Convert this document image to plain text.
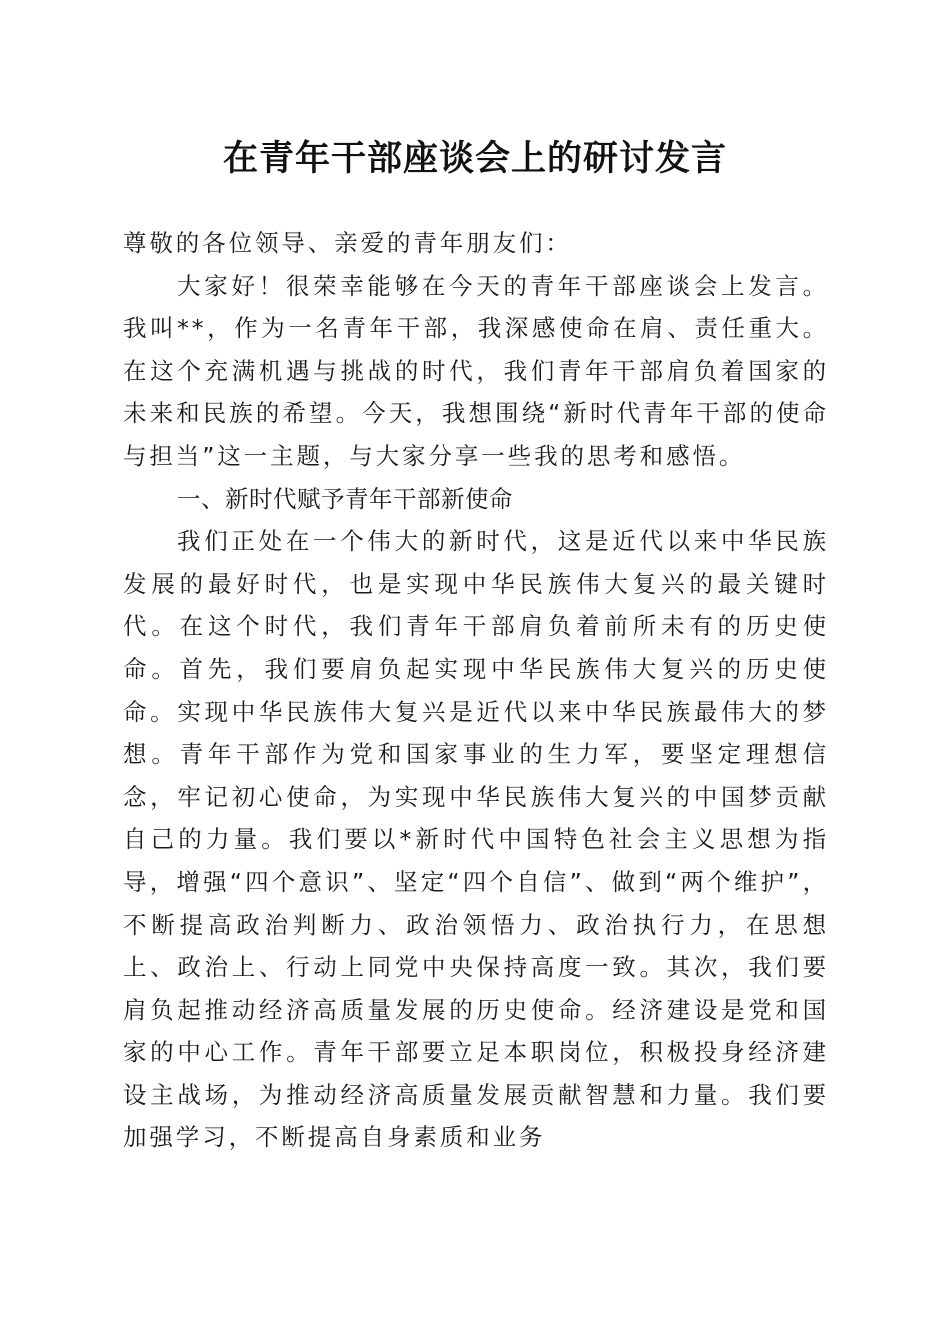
在青年干部座谈会上的研讨发言

尊敬的各位领导、亲爱的青年朋友们：

大家好！很荣幸能够在今天的青年干部座谈会上发言。我叫**，作为一名青年干部，我深感使命在肩、责任重大。在这个充满机遇与挑战的时代，我们青年干部肩负着国家的未来和民族的希望。今天，我想围绕“新时代青年干部的使命与担当”这一主题，与大家分享一些我的思考和感悟。

一、新时代赋予青年干部新使命

我们正处在一个伟大的新时代，这是近代以来中华民族发展的最好时代，也是实现中华民族伟大复兴的最关键时代。在这个时代，我们青年干部肩负着前所未有的历史使命。首先，我们要肩负起实现中华民族伟大复兴的历史使命。实现中华民族伟大复兴是近代以来中华民族最伟大的梦想。青年干部作为党和国家事业的生力军，要坚定理想信念，牢记初心使命，为实现中华民族伟大复兴的中国梦贡献自己的力量。我们要以*新时代中国特色社会主义思想为指导，增强“四个意识”、坚定“四个自信”、做到“两个维护”，不断提高政治判断力、政治领悟力、政治执行力，在思想上、政治上、行动上同党中央保持高度一致。其次，我们要肩负起推动经济高质量发展的历史使命。经济建设是党和国家的中心工作。青年干部要立足本职岗位，积极投身经济建设主战场，为推动经济高质量发展贡献智慧和力量。我们要加强学习，不断提高自身素质和业务
